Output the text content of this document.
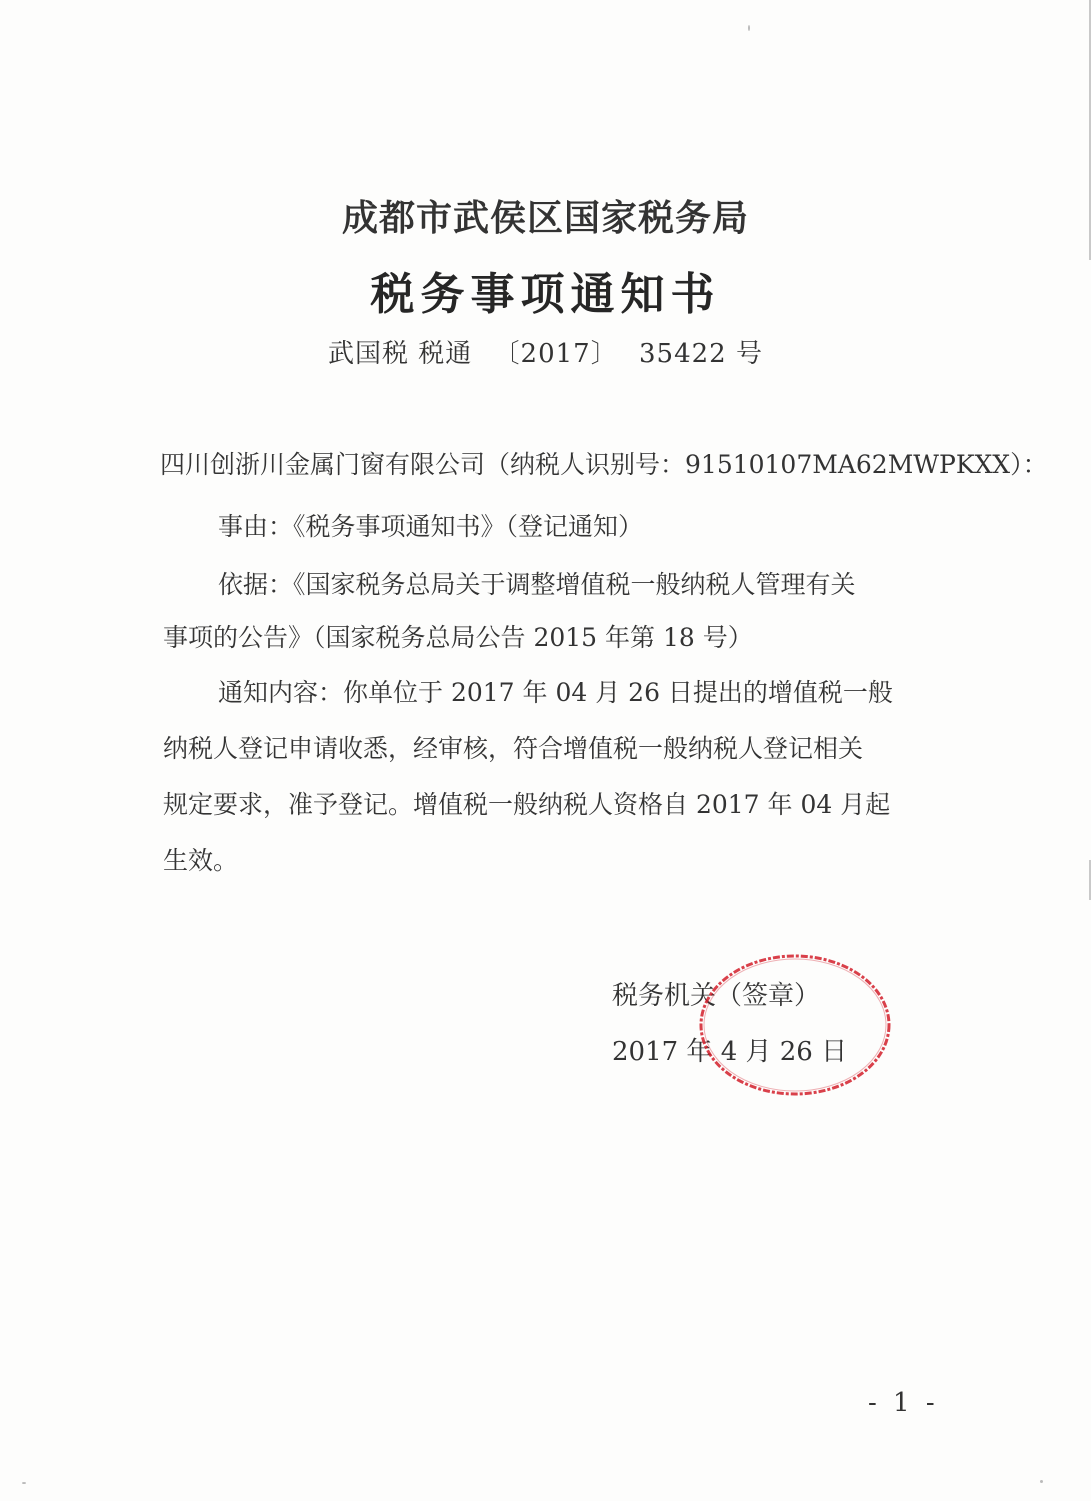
成都市武侯区国家税务局
税务事项通知书
武国税 税通 〔2017〕 35422 号
四川创浙川金属门窗有限公司（纳税人识别号：91510107MA62MWPKXX）：
事由：《税务事项通知书》（登记通知）
依据：《国家税务总局关于调整增值税一般纳税人管理有关
事项的公告》（国家税务总局公告 2015 年第 18 号）
通知内容：你单位于 2017 年 04 月 26 日提出的增值税一般
纳税人登记申请收悉，经审核，符合增值税一般纳税人登记相关
规定要求，准予登记。增值税一般纳税人资格自 2017 年 04 月起
生效。
税务机关（签章）
2017 年 4 月 26 日
- 1 -
